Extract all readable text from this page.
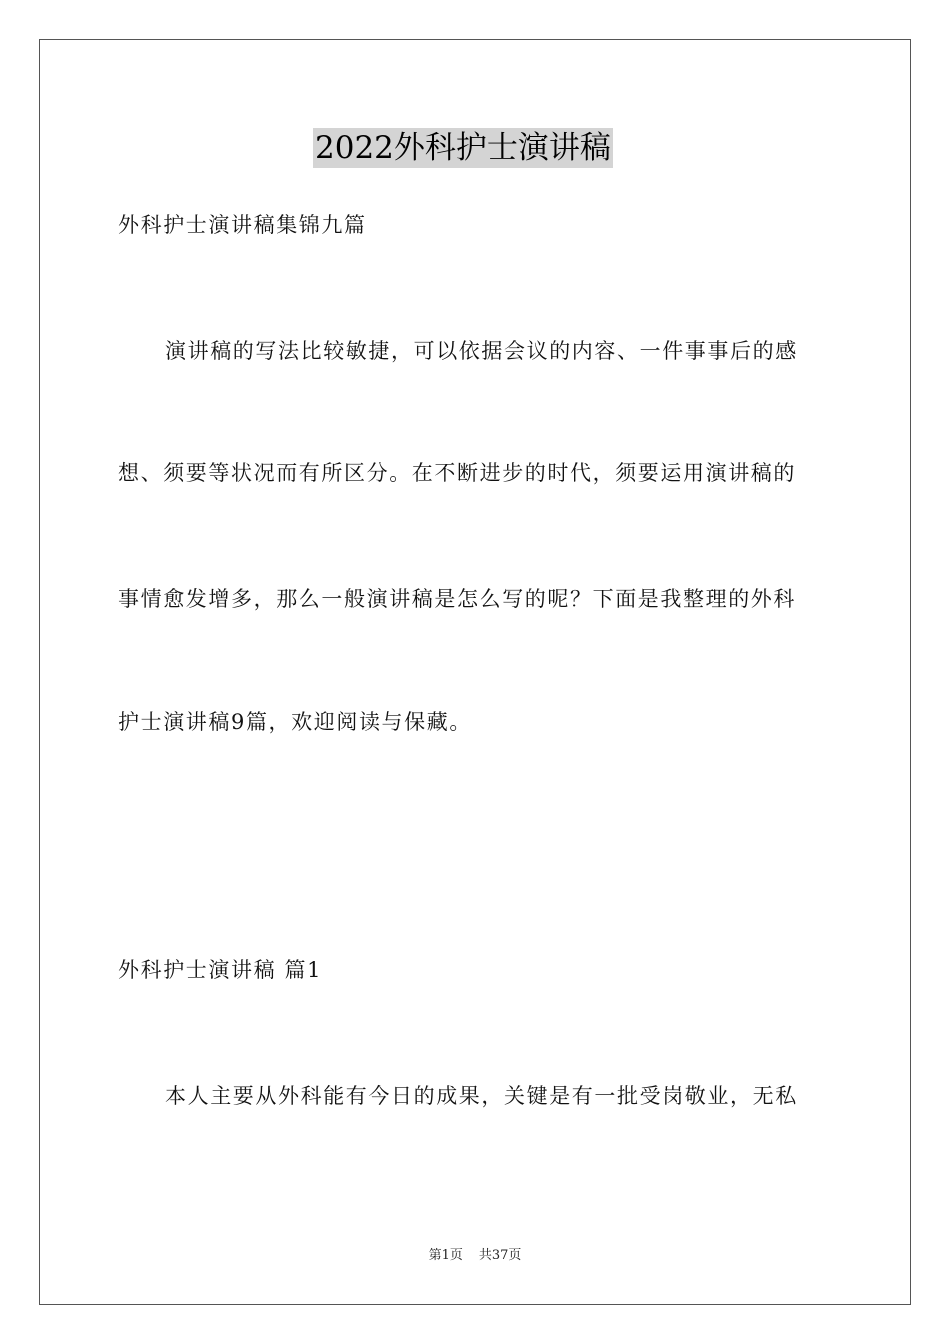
2022外科护士演讲稿
外科护士演讲稿集锦九篇
演讲稿的写法比较敏捷，可以依据会议的内容、一件事事后的感
想、须要等状况而有所区分。在不断进步的时代，须要运用演讲稿的
事情愈发增多，那么一般演讲稿是怎么写的呢？下面是我整理的外科
护士演讲稿9篇，欢迎阅读与保藏。
外科护士演讲稿 篇1
本人主要从外科能有今日的成果，关键是有一批受岗敬业，无私
第1页 共37页
